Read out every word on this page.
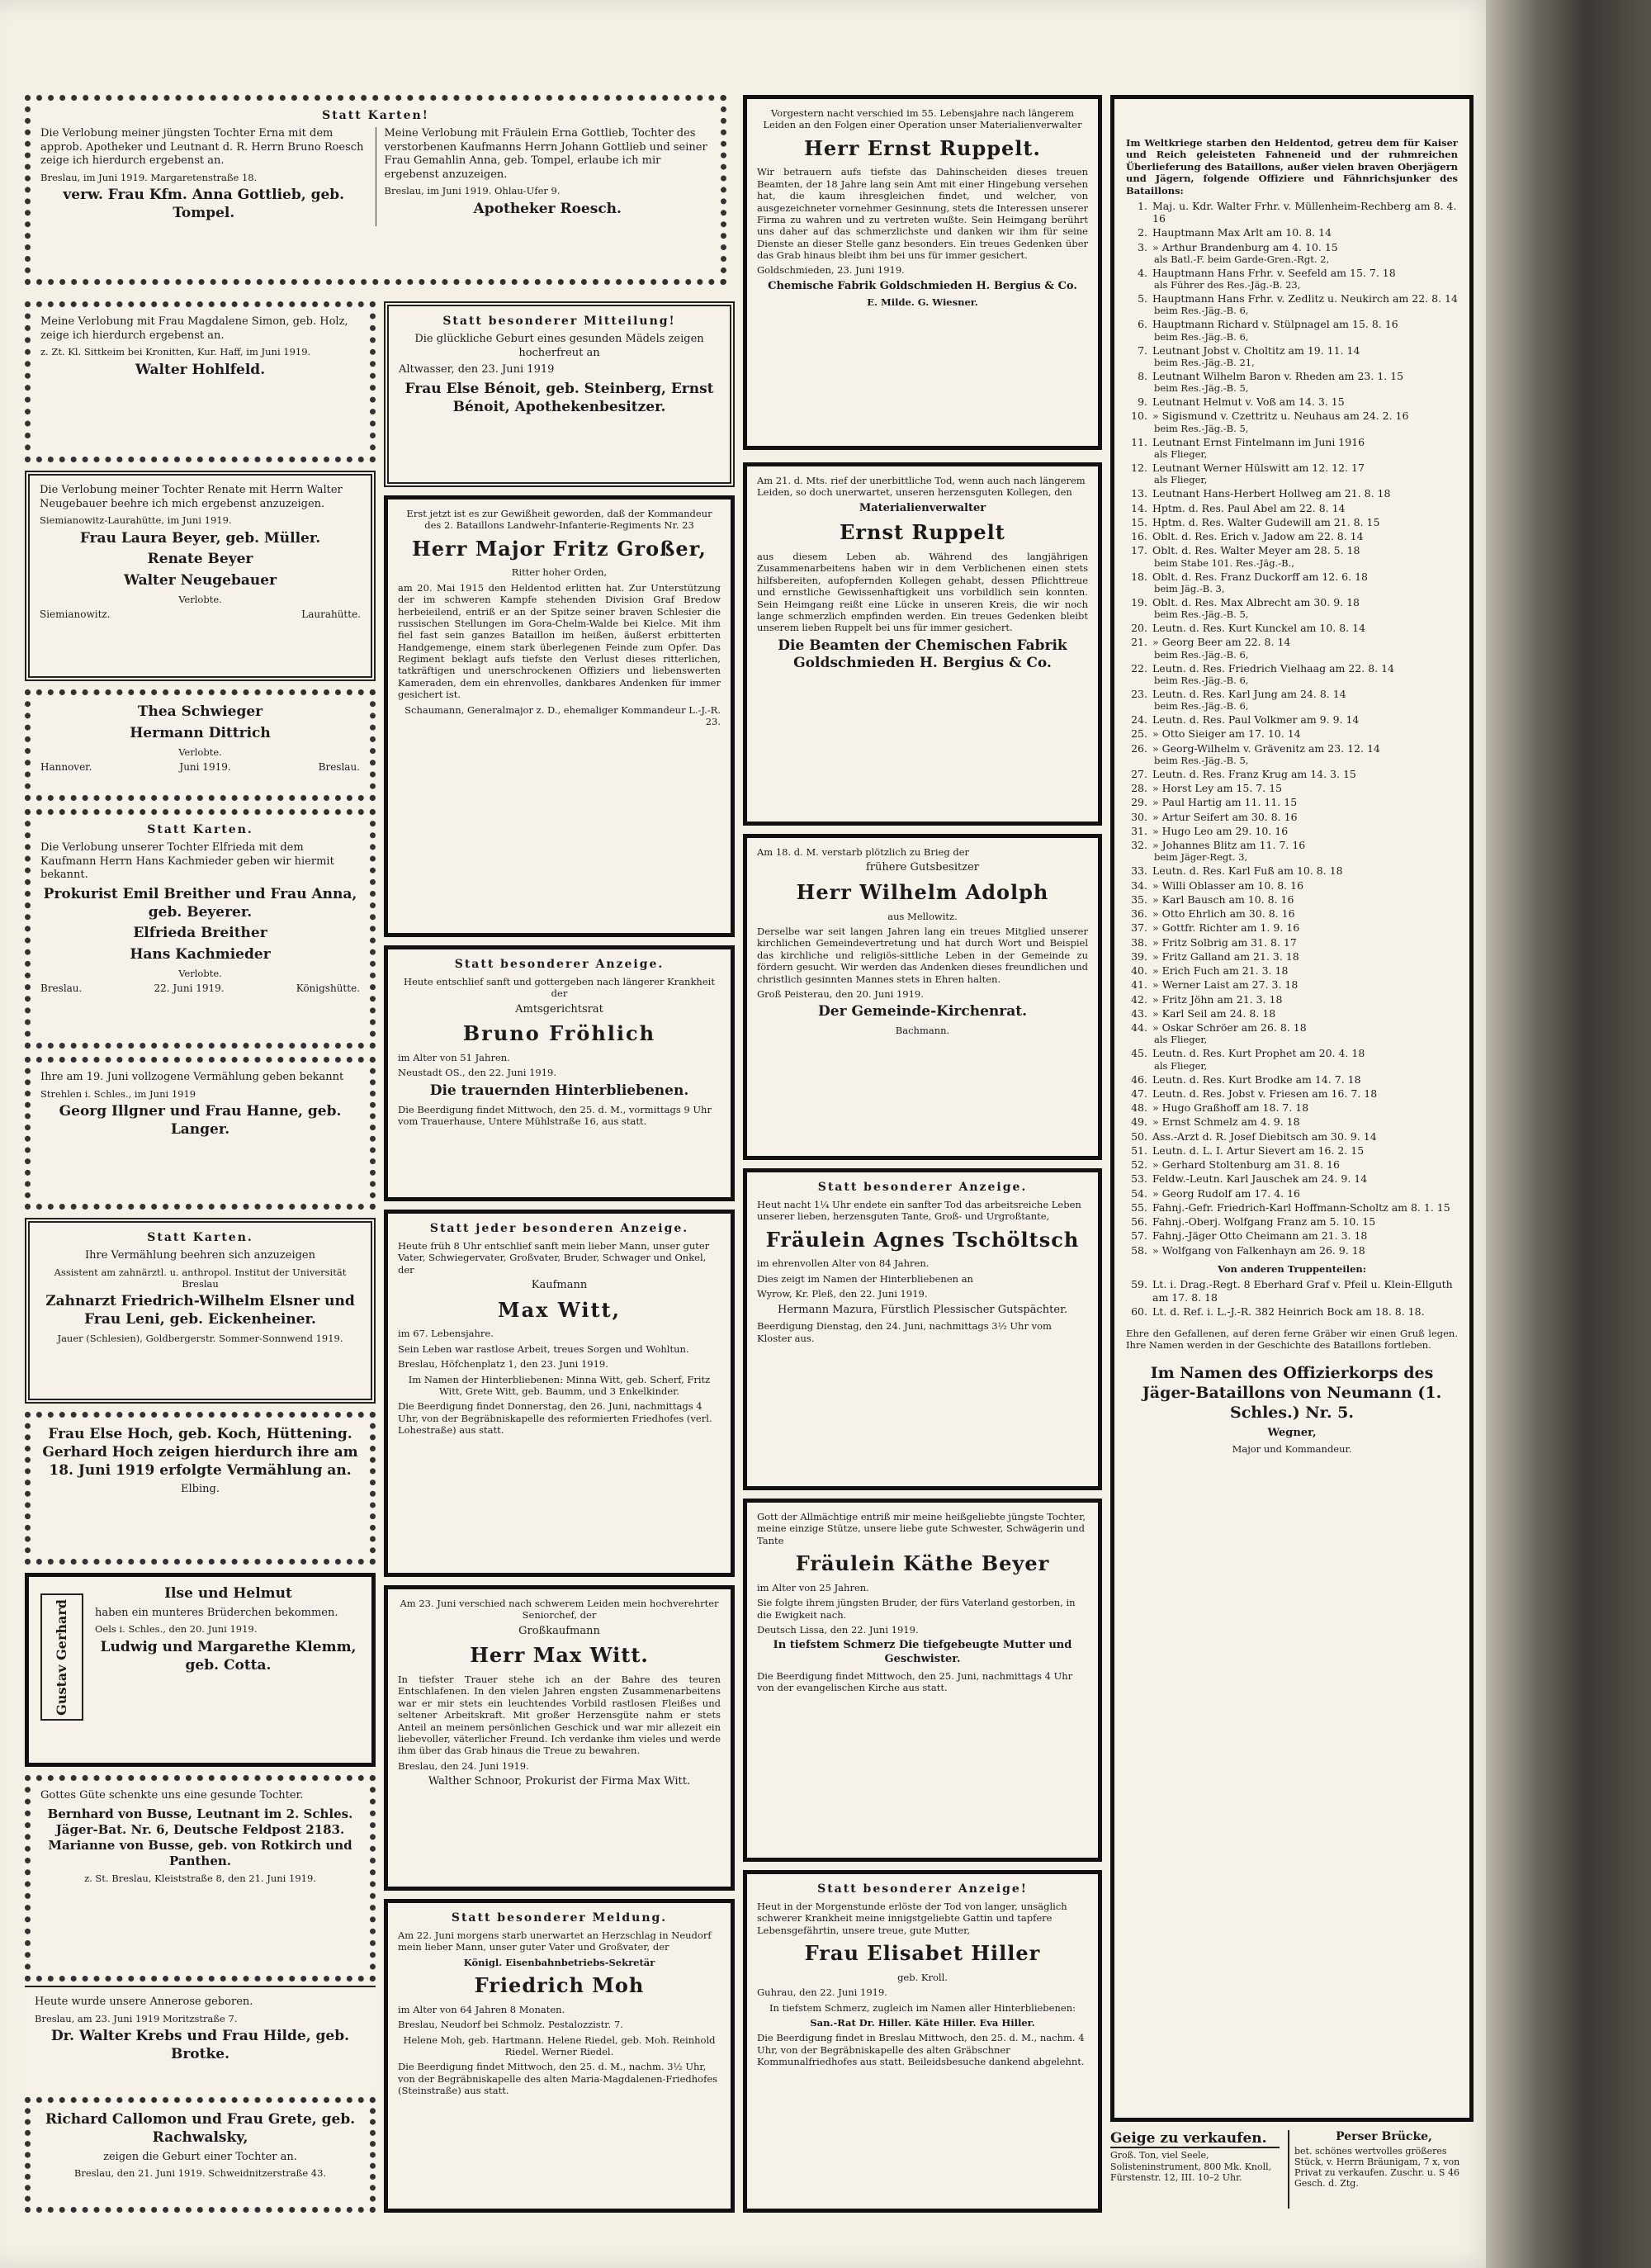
Statt Karten!

Die Verlobung meiner jüngsten Tochter Erna mit dem approb. Apotheker und Leutnant d. R. Herrn Bruno Roesch zeige ich hierdurch ergebenst an.

Breslau, im Juni 1919. Margaretenstraße 18.

verw. Frau Kfm. Anna Gottlieb, geb. Tompel.

Meine Verlobung mit Fräulein Erna Gottlieb, Tochter des verstorbenen Kaufmanns Herrn Johann Gottlieb und seiner Frau Gemahlin Anna, geb. Tompel, erlaube ich mir ergebenst anzuzeigen.

Breslau, im Juni 1919. Ohlau-Ufer 9.

Apotheker Roesch.

Meine Verlobung mit Frau Magdalene Simon, geb. Holz, zeige ich hierdurch ergebenst an.

z. Zt. Kl. Sittkeim bei Kronitten, Kur. Haff, im Juni 1919.

Walter Hohlfeld.

Die Verlobung meiner Tochter Renate mit Herrn Walter Neugebauer beehre ich mich ergebenst anzuzeigen.

Siemianowitz-Laurahütte, im Juni 1919.

Frau Laura Beyer, geb. Müller.

Renate Beyer

Walter Neugebauer

Verlobte.

Siemianowitz.	Laurahütte.

Thea Schwieger

Hermann Dittrich

Verlobte.

Hannover.	Juni 1919.	Breslau.

Statt Karten.

Die Verlobung unserer Tochter Elfrieda mit dem Kaufmann Herrn Hans Kachmieder geben wir hiermit bekannt.

Prokurist Emil Breither und Frau Anna, geb. Beyerer.

Elfrieda Breither

Hans Kachmieder

Verlobte.

Breslau.	22. Juni 1919.	Königshütte.

Ihre am 19. Juni vollzogene Vermählung geben bekannt

Strehlen i. Schles., im Juni 1919

Georg Illgner und Frau Hanne, geb. Langer.

Statt Karten.

Ihre Vermählung beehren sich anzuzeigen

Assistent am zahnärztl. u. anthropol. Institut der Universität Breslau

Zahnarzt Friedrich-Wilhelm Elsner und Frau Leni, geb. Eickenheiner.

Jauer (Schlesien), Goldbergerstr. Sommer-Sonnwend 1919.

Frau Else Hoch, geb. Koch, Hüttening. Gerhard Hoch zeigen hierdurch ihre am 18. Juni 1919 erfolgte Vermählung an.

Elbing.

Gustav Gerhard

Ilse und Helmut

haben ein munteres Brüderchen bekommen.

Oels i. Schles., den 20. Juni 1919.

Ludwig und Margarethe Klemm, geb. Cotta.

Gottes Güte schenkte uns eine gesunde Tochter.

Bernhard von Busse, Leutnant im 2. Schles. Jäger-Bat. Nr. 6, Deutsche Feldpost 2183. Marianne von Busse, geb. von Rotkirch und Panthen.

z. St. Breslau, Kleiststraße 8, den 21. Juni 1919.

Heute wurde unsere Annerose geboren.

Breslau, am 23. Juni 1919 Moritzstraße 7.

Dr. Walter Krebs und Frau Hilde, geb. Brotke.

Richard Callomon und Frau Grete, geb. Rachwalsky,

zeigen die Geburt einer Tochter an.

Breslau, den 21. Juni 1919. Schweidnitzerstraße 43.

Statt besonderer Mitteilung!

Die glückliche Geburt eines gesunden Mädels zeigen hocherfreut an

Altwasser, den 23. Juni 1919

Frau Else Bénoit, geb. Steinberg, Ernst Bénoit, Apothekenbesitzer.

Erst jetzt ist es zur Gewißheit geworden, daß der Kommandeur des 2. Bataillons Landwehr-Infanterie-Regiments Nr. 23

Herr Major Fritz Großer,

Ritter hoher Orden,

am 20. Mai 1915 den Heldentod erlitten hat. Zur Unterstützung der im schweren Kampfe stehenden Division Graf Bredow herbeieilend, entriß er an der Spitze seiner braven Schlesier die russischen Stellungen im Gora-Chelm-Walde bei Kielce. Mit ihm fiel fast sein ganzes Bataillon im heißen, äußerst erbitterten Handgemenge, einem stark überlegenen Feinde zum Opfer. Das Regiment beklagt aufs tiefste den Verlust dieses ritterlichen, tatkräftigen und unerschrockenen Offiziers und liebenswerten Kameraden, dem ein ehrenvolles, dankbares Andenken für immer gesichert ist.

Schaumann, Generalmajor z. D., ehemaliger Kommandeur L.-J.-R. 23.

Statt besonderer Anzeige.

Heute entschlief sanft und gottergeben nach längerer Krankheit der

Amtsgerichtsrat

Bruno Fröhlich

im Alter von 51 Jahren.

Neustadt OS., den 22. Juni 1919.

Die trauernden Hinterbliebenen.

Die Beerdigung findet Mittwoch, den 25. d. M., vormittags 9 Uhr vom Trauerhause, Untere Mühlstraße 16, aus statt.

Statt jeder besonderen Anzeige.

Heute früh 8 Uhr entschlief sanft mein lieber Mann, unser guter Vater, Schwiegervater, Großvater, Bruder, Schwager und Onkel, der

Kaufmann

Max Witt,

im 67. Lebensjahre.

Sein Leben war rastlose Arbeit, treues Sorgen und Wohltun.

Breslau, Höfchenplatz 1, den 23. Juni 1919.

Im Namen der Hinterbliebenen: Minna Witt, geb. Scherf, Fritz Witt, Grete Witt, geb. Baumm, und 3 Enkelkinder.

Die Beerdigung findet Donnerstag, den 26. Juni, nachmittags 4 Uhr, von der Begräbniskapelle des reformierten Friedhofes (verl. Lohestraße) aus statt.

Am 23. Juni verschied nach schwerem Leiden mein hochverehrter Seniorchef, der

Großkaufmann

Herr Max Witt.

In tiefster Trauer stehe ich an der Bahre des teuren Entschlafenen. In den vielen Jahren engsten Zusammenarbeitens war er mir stets ein leuchtendes Vorbild rastlosen Fleißes und seltener Arbeitskraft. Mit großer Herzensgüte nahm er stets Anteil an meinem persönlichen Geschick und war mir allezeit ein liebevoller, väterlicher Freund. Ich verdanke ihm vieles und werde ihm über das Grab hinaus die Treue zu bewahren.

Breslau, den 24. Juni 1919.

Walther Schnoor, Prokurist der Firma Max Witt.

Statt besonderer Meldung.

Am 22. Juni morgens starb unerwartet an Herzschlag in Neudorf mein lieber Mann, unser guter Vater und Großvater, der

Königl. Eisenbahnbetriebs-Sekretär

Friedrich Moh

im Alter von 64 Jahren 8 Monaten.

Breslau, Neudorf bei Schmolz. Pestalozzistr. 7.

Helene Moh, geb. Hartmann. Helene Riedel, geb. Moh. Reinhold Riedel. Werner Riedel.

Die Beerdigung findet Mittwoch, den 25. d. M., nachm. 3½ Uhr, von der Begräbniskapelle des alten Maria-Magdalenen-Friedhofes (Steinstraße) aus statt.

Vorgestern nacht verschied im 55. Lebensjahre nach längerem Leiden an den Folgen einer Operation unser Materialienverwalter

Herr Ernst Ruppelt.

Wir betrauern aufs tiefste das Dahinscheiden dieses treuen Beamten, der 18 Jahre lang sein Amt mit einer Hingebung versehen hat, die kaum ihresgleichen findet, und welcher, von ausgezeichneter vornehmer Gesinnung, stets die Interessen unserer Firma zu wahren und zu vertreten wußte. Sein Heimgang berührt uns daher auf das schmerzlichste und danken wir ihm für seine Dienste an dieser Stelle ganz besonders. Ein treues Gedenken über das Grab hinaus bleibt ihm bei uns für immer gesichert.

Goldschmieden, 23. Juni 1919.

Chemische Fabrik Goldschmieden H. Bergius & Co.

E. Milde. G. Wiesner.

Am 21. d. Mts. rief der unerbittliche Tod, wenn auch nach längerem Leiden, so doch unerwartet, unseren herzensguten Kollegen, den

Materialienverwalter

Ernst Ruppelt

aus diesem Leben ab. Während des langjährigen Zusammenarbeitens haben wir in dem Verblichenen einen stets hilfsbereiten, aufopfernden Kollegen gehabt, dessen Pflichttreue und ernstliche Gewissenhaftigkeit uns vorbildlich sein konnten. Sein Heimgang reißt eine Lücke in unseren Kreis, die wir noch lange schmerzlich empfinden werden. Ein treues Gedenken bleibt unserem lieben Ruppelt bei uns für immer gesichert.

Die Beamten der Chemischen Fabrik Goldschmieden H. Bergius & Co.

Am 18. d. M. verstarb plötzlich zu Brieg der

frühere Gutsbesitzer

Herr Wilhelm Adolph

aus Mellowitz.

Derselbe war seit langen Jahren lang ein treues Mitglied unserer kirchlichen Gemeindevertretung und hat durch Wort und Beispiel das kirchliche und religiös-sittliche Leben in der Gemeinde zu fördern gesucht. Wir werden das Andenken dieses freundlichen und christlich gesinnten Mannes stets in Ehren halten.

Groß Peisterau, den 20. Juni 1919.

Der Gemeinde-Kirchenrat.

Bachmann.

Statt besonderer Anzeige.

Heut nacht 1¼ Uhr endete ein sanfter Tod das arbeitsreiche Leben unserer lieben, herzensguten Tante, Groß- und Urgroßtante,

Fräulein Agnes Tschöltsch

im ehrenvollen Alter von 84 Jahren.

Dies zeigt im Namen der Hinterbliebenen an

Wyrow, Kr. Pleß, den 22. Juni 1919.

Hermann Mazura, Fürstlich Plessischer Gutspächter.

Beerdigung Dienstag, den 24. Juni, nachmittags 3½ Uhr vom Kloster aus.

Gott der Allmächtige entriß mir meine heißgeliebte jüngste Tochter, meine einzige Stütze, unsere liebe gute Schwester, Schwägerin und Tante

Fräulein Käthe Beyer

im Alter von 25 Jahren.

Sie folgte ihrem jüngsten Bruder, der fürs Vaterland gestorben, in die Ewigkeit nach.

Deutsch Lissa, den 22. Juni 1919.

In tiefstem Schmerz Die tiefgebeugte Mutter und Geschwister.

Die Beerdigung findet Mittwoch, den 25. Juni, nachmittags 4 Uhr von der evangelischen Kirche aus statt.

Statt besonderer Anzeige!

Heut in der Morgenstunde erlöste der Tod von langer, unsäglich schwerer Krankheit meine innigstgeliebte Gattin und tapfere Lebensgefährtin, unsere treue, gute Mutter,

Frau Elisabet Hiller

geb. Kroll.

Guhrau, den 22. Juni 1919.

In tiefstem Schmerz, zugleich im Namen aller Hinterbliebenen:

San.-Rat Dr. Hiller. Käte Hiller. Eva Hiller.

Die Beerdigung findet in Breslau Mittwoch, den 25. d. M., nachm. 4 Uhr, von der Begräbniskapelle des alten Gräbschner Kommunalfriedhofes aus statt. Beileidsbesuche dankend abgelehnt.

Im Weltkriege starben den Heldentod, getreu dem für Kaiser und Reich geleisteten Fahneneid und der ruhmreichen Überlieferung des Bataillons, außer vielen braven Oberjägern und Jägern, folgende Offiziere und Fähnrichsjunker des Bataillons:

1. Maj. u. Kdr. Walter Frhr. v. Müllenheim-Rechberg am 8. 4. 16
2. Hauptmann Max Arlt am 10. 8. 14
3. » Arthur Brandenburg am 4. 10. 15
als Batl.-F. beim Garde-Gren.-Rgt. 2,
4. Hauptmann Hans Frhr. v. Seefeld am 15. 7. 18
als Führer des Res.-Jäg.-B. 23,
5. Hauptmann Hans Frhr. v. Zedlitz u. Neukirch am 22. 8. 14
beim Res.-Jäg.-B. 6,
6. Hauptmann Richard v. Stülpnagel am 15. 8. 16
beim Res.-Jäg.-B. 6,
7. Leutnant Jobst v. Choltitz am 19. 11. 14
beim Res.-Jäg.-B. 21,
8. Leutnant Wilhelm Baron v. Rheden am 23. 1. 15
beim Res.-Jäg.-B. 5,
9. Leutnant Helmut v. Voß am 14. 3. 15
10. » Sigismund v. Czettritz u. Neuhaus am 24. 2. 16
beim Res.-Jäg.-B. 5,
11. Leutnant Ernst Fintelmann im Juni 1916
als Flieger,
12. Leutnant Werner Hülswitt am 12. 12. 17
als Flieger,
13. Leutnant Hans-Herbert Hollweg am 21. 8. 18
14. Hptm. d. Res. Paul Abel am 22. 8. 14
15. Hptm. d. Res. Walter Gudewill am 21. 8. 15
16. Oblt. d. Res. Erich v. Jadow am 22. 8. 14
17. Oblt. d. Res. Walter Meyer am 28. 5. 18
beim Stabe 101. Res.-Jäg.-B.,
18. Oblt. d. Res. Franz Duckorff am 12. 6. 18
beim Jäg.-B. 3,
19. Oblt. d. Res. Max Albrecht am 30. 9. 18
beim Res.-Jäg.-B. 5,
20. Leutn. d. Res. Kurt Kunckel am 10. 8. 14
21. » Georg Beer am 22. 8. 14
beim Res.-Jäg.-B. 6,
22. Leutn. d. Res. Friedrich Vielhaag am 22. 8. 14
beim Res.-Jäg.-B. 6,
23. Leutn. d. Res. Karl Jung am 24. 8. 14
beim Res.-Jäg.-B. 6,
24. Leutn. d. Res. Paul Volkmer am 9. 9. 14
25. » Otto Sieiger am 17. 10. 14
26. » Georg-Wilhelm v. Grävenitz am 23. 12. 14
beim Res.-Jäg.-B. 5,
27. Leutn. d. Res. Franz Krug am 14. 3. 15
28. » Horst Ley am 15. 7. 15
29. » Paul Hartig am 11. 11. 15
30. » Artur Seifert am 30. 8. 16
31. » Hugo Leo am 29. 10. 16
32. » Johannes Blitz am 11. 7. 16
beim Jäger-Regt. 3,
33. Leutn. d. Res. Karl Fuß am 10. 8. 18
34. » Willi Oblasser am 10. 8. 16
35. » Karl Bausch am 10. 8. 16
36. » Otto Ehrlich am 30. 8. 16
37. » Gottfr. Richter am 1. 9. 16
38. » Fritz Solbrig am 31. 8. 17
39. » Fritz Galland am 21. 3. 18
40. » Erich Fuch am 21. 3. 18
41. » Werner Laist am 27. 3. 18
42. » Fritz Jöhn am 21. 3. 18
43. » Karl Seil am 24. 8. 18
44. » Oskar Schröer am 26. 8. 18
als Flieger,
45. Leutn. d. Res. Kurt Prophet am 20. 4. 18
als Flieger,
46. Leutn. d. Res. Kurt Brodke am 14. 7. 18
47. Leutn. d. Res. Jobst v. Friesen am 16. 7. 18
48. » Hugo Graßhoff am 18. 7. 18
49. » Ernst Schmelz am 4. 9. 18
50. Ass.-Arzt d. R. Josef Diebitsch am 30. 9. 14
51. Leutn. d. L. I. Artur Sievert am 16. 2. 15
52. » Gerhard Stoltenburg am 31. 8. 16
53. Feldw.-Leutn. Karl Jauschek am 24. 9. 14
54. » Georg Rudolf am 17. 4. 16
55. Fahnj.-Gefr. Friedrich-Karl Hoffmann-Scholtz am 8. 1. 15
56. Fahnj.-Oberj. Wolfgang Franz am 5. 10. 15
57. Fahnj.-Jäger Otto Cheimann am 21. 3. 18
58. » Wolfgang von Falkenhayn am 26. 9. 18

Von anderen Truppenteilen:

59. Lt. i. Drag.-Regt. 8 Eberhard Graf v. Pfeil u. Klein-Ellguth am 17. 8. 18
60. Lt. d. Ref. i. L.-J.-R. 382 Heinrich Bock am 18. 8. 18.

Ehre den Gefallenen, auf deren ferne Gräber wir einen Gruß legen. Ihre Namen werden in der Geschichte des Bataillons fortleben.

Im Namen des Offizierkorps des Jäger-Bataillons von Neumann (1. Schles.) Nr. 5.

Wegner,

Major und Kommandeur.

Geige zu verkaufen.

Groß. Ton, viel Seele, Solisteninstrument, 800 Mk. Knoll, Fürstenstr. 12, III. 10–2 Uhr.

Perser Brücke,

bet. schönes wertvolles größeres Stück, v. Herrn Bräunigam, 7 x, von Privat zu verkaufen. Zuschr. u. S 46 Gesch. d. Ztg.
